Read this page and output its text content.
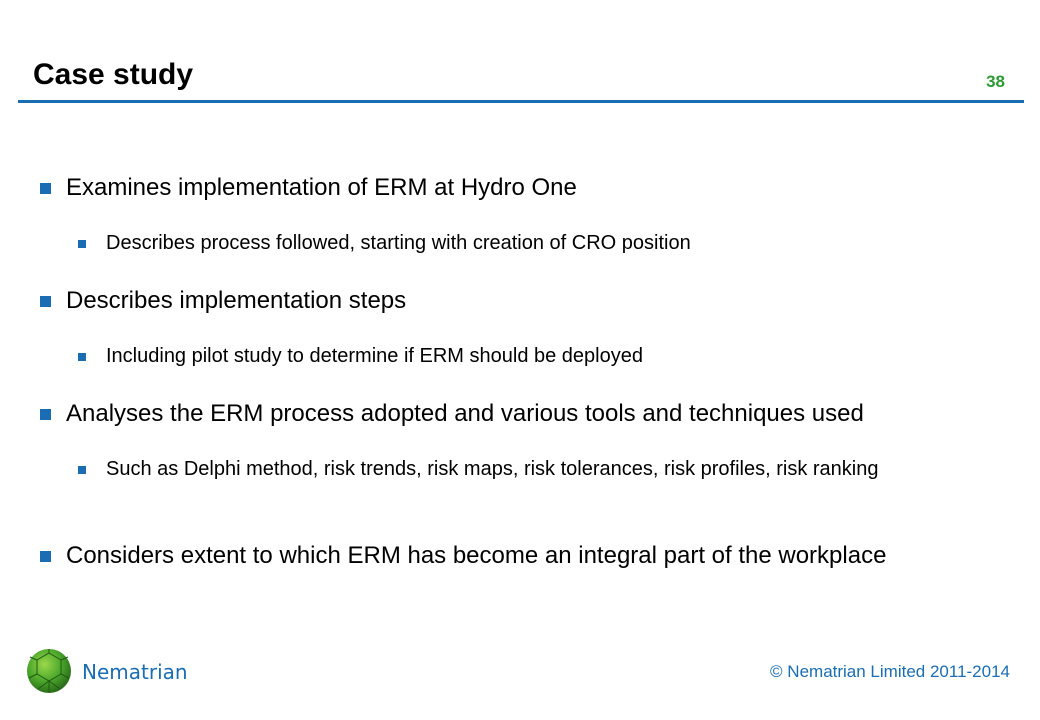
Case study	38
Examines implementation of ERM at Hydro One
Describes process followed, starting with creation of CRO position
Describes implementation steps
Including pilot study to determine if ERM should be deployed
Analyses the ERM process adopted and various tools and techniques used
Such as Delphi method, risk trends, risk maps, risk tolerances, risk profiles, risk ranking
Considers extent to which ERM has become an integral part of the workplace
Nematrian	© Nematrian Limited 2011-2014
